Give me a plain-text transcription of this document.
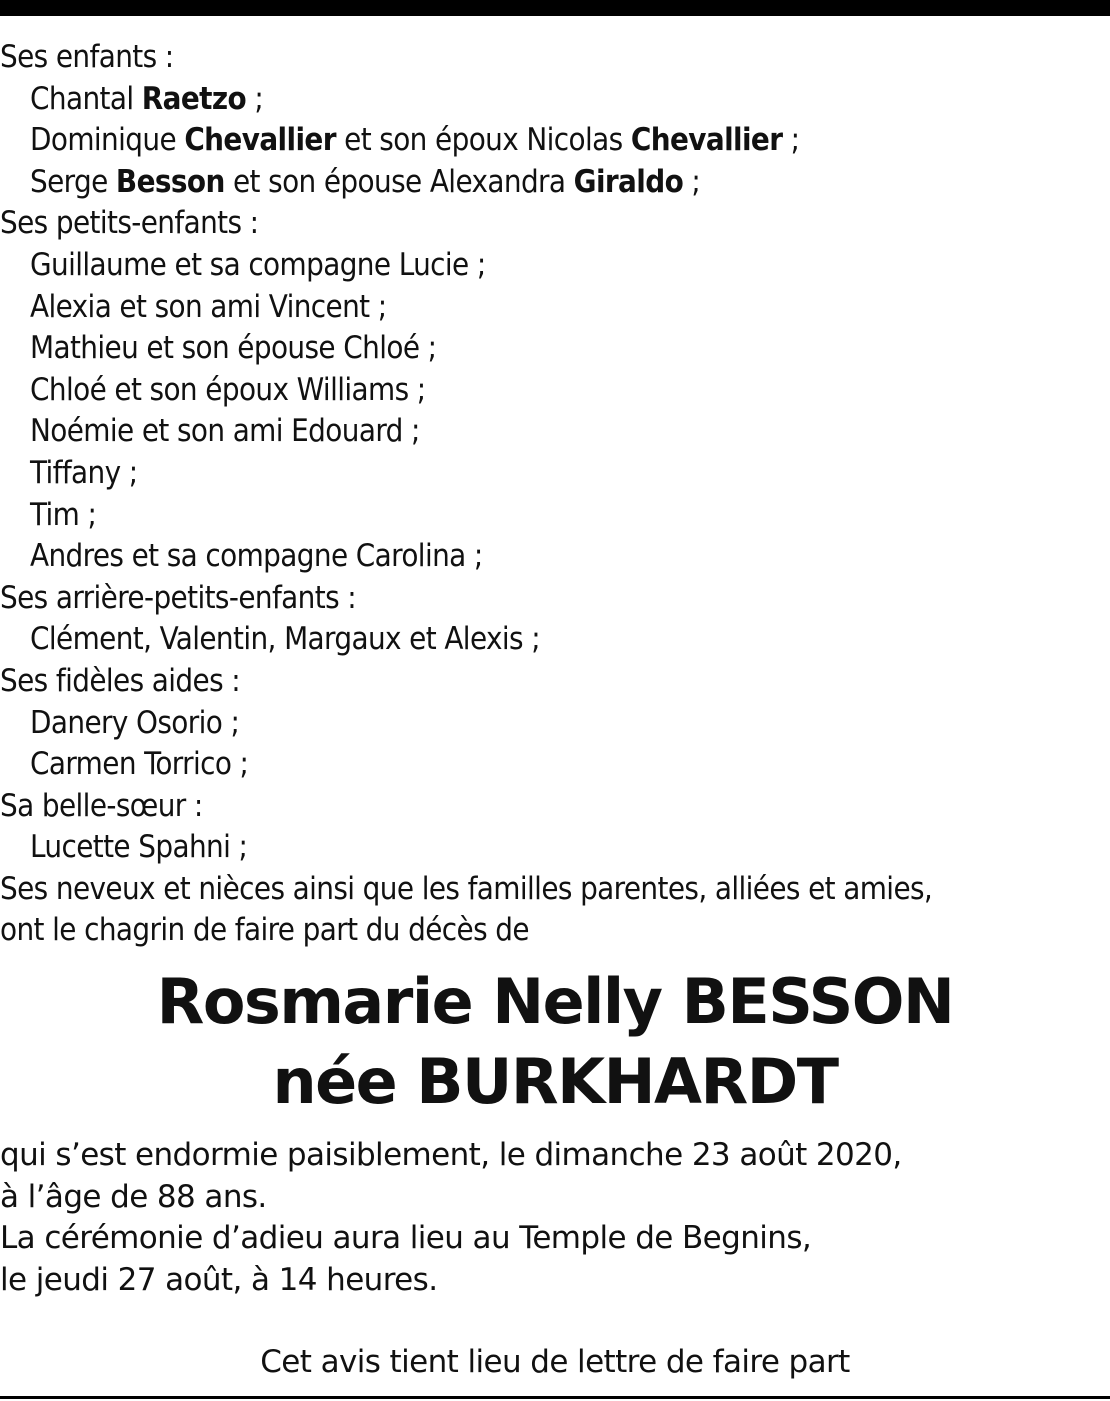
Ses enfants :
Chantal Raetzo ;
Dominique Chevallier et son époux Nicolas Chevallier ;
Serge Besson et son épouse Alexandra Giraldo ;
Ses petits-enfants :
Guillaume et sa compagne Lucie ;
Alexia et son ami Vincent ;
Mathieu et son épouse Chloé ;
Chloé et son époux Williams ;
Noémie et son ami Edouard ;
Tiffany ;
Tim ;
Andres et sa compagne Carolina ;
Ses arrière-petits-enfants :
Clément, Valentin, Margaux et Alexis ;
Ses fidèles aides :
Danery Osorio ;
Carmen Torrico ;
Sa belle-sœur :
Lucette Spahni ;
Ses neveux et nièces ainsi que les familles parentes, alliées et amies,
ont le chagrin de faire part du décès de
Rosmarie Nelly BESSON
née BURKHARDT
qui s’est endormie paisiblement, le dimanche 23 août 2020,
à l’âge de 88 ans.
La cérémonie d’adieu aura lieu au Temple de Begnins,
le jeudi 27 août, à 14 heures.
Cet avis tient lieu de lettre de faire part
